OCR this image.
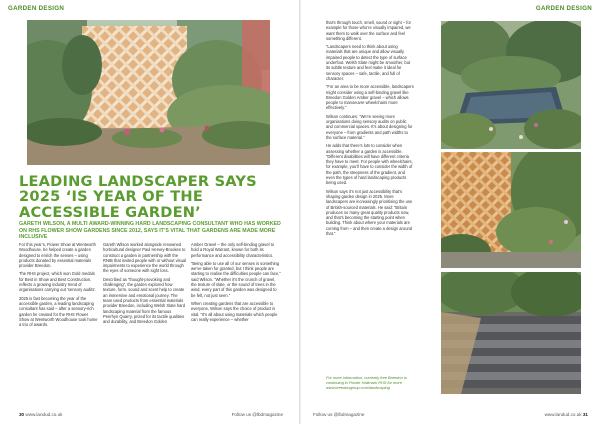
GARDEN DESIGN
LEADING LANDSCAPER SAYS 2025 ‘IS YEAR OF THE ACCESSIBLE GARDEN’

GARETH WILSON, A MULTI AWARD-WINNING HARD LANDSCAPING CONSULTANT WHO HAS WORKED ON RHS FLOWER SHOW GARDENS SINCE 2012, SAYS IT’S VITAL THAT GARDENS ARE MADE MORE INCLUSIVE

For this year’s, Flower Show at Wentworth Woodhouse, he helped create a garden designed to enrich the senses – using products donated by essential materials provider Breedon.

The RHS project, which won Gold medals for Best in Show and Best Construction, reflects a growing industry trend of organisations carrying out ‘sensory audits’.

2025 is fast becoming the year of the accessible garden, a leading landscaping consultant has said – after a sensory-rich garden he created for the RHS Flower Show at Wentworth Woodhouse took home a trio of awards.

Gareth Wilson worked alongside renowned horticultural designer Paul Hervey-Brookes to construct a garden in partnership with the RNIB that invited people with or without visual impairments to experience the world through the eyes of someone with sight loss.

Described as “thought-provoking and challenging”, the garden explored how texture, form, sound and scent help to create an immersive and emotional journey. The team used products from essential materials provider Breedon, including Welsh Slate hard landscaping material from the famous Penrhyn Quarry, prized for its tactile qualities and durability, and Breedon Golden

Amber Gravel – the only self-binding gravel to hold a Royal Warrant, known for both its performance and accessibility characteristics.

“Being able to use all of our senses is something we’ve taken for granted, but I think people are starting to realise the difficulties people can face,” said Wilson. “Whether it’s the crunch of gravel, the texture of slate, or the sound of trees in the wind, every part of this garden was designed to be felt, not just seen.”

When creating gardens that are accessible to everyone, Wilson says the choice of product is vital. “It’s all about using materials which people can really experience – whether

30 www.landud.co.uk	Follow us @lbdmagazine
GARDEN DESIGN

that’s through touch, smell, sound or sight – for example for those who’re visually impaired, we want them to walk over the surface and feel something different.

“Landscapers need to think about using materials that are unique and allow visually impaired people to detect the type of surface underfoot. Welsh Slate might be smoother, but its subtle texture and feel make it ideal for sensory spaces – safe, tactile, and full of character.

“For an area to be more accessible, landscapers might consider using a self-binding gravel like Breedon Golden Amber gravel – which allows people to manoeuvre wheelchairs more effectively.”

Wilson continues: “We’re seeing more organisations doing sensory audits on public and commercial spaces. It’s about designing for everyone – from gradients and path widths to the surface material.”

He adds that there’s lots to consider when assessing whether a garden is accessible. “Different disabilities will have different criteria they have to meet. For people with wheelchairs, for example, you’ll have to consider the width of the path, the steepness of the gradient, and even the types of hard landscaping products being used.

Wilson says it’s not just accessibility that’s shaping garden design in 2025. More landscapers are increasingly prioritising the use of British-sourced materials. He said: “Britain produces so many great quality products now, and that’s becoming the starting point when building. Think about where your materials are coming from – and then create a design around that.”

For more information, currently free Breedon is continuing in Flower Hallmark RHS for more www.breedongroup.com/landscaping
Follow us @lbdmagazine	www.landud.co.uk 31
